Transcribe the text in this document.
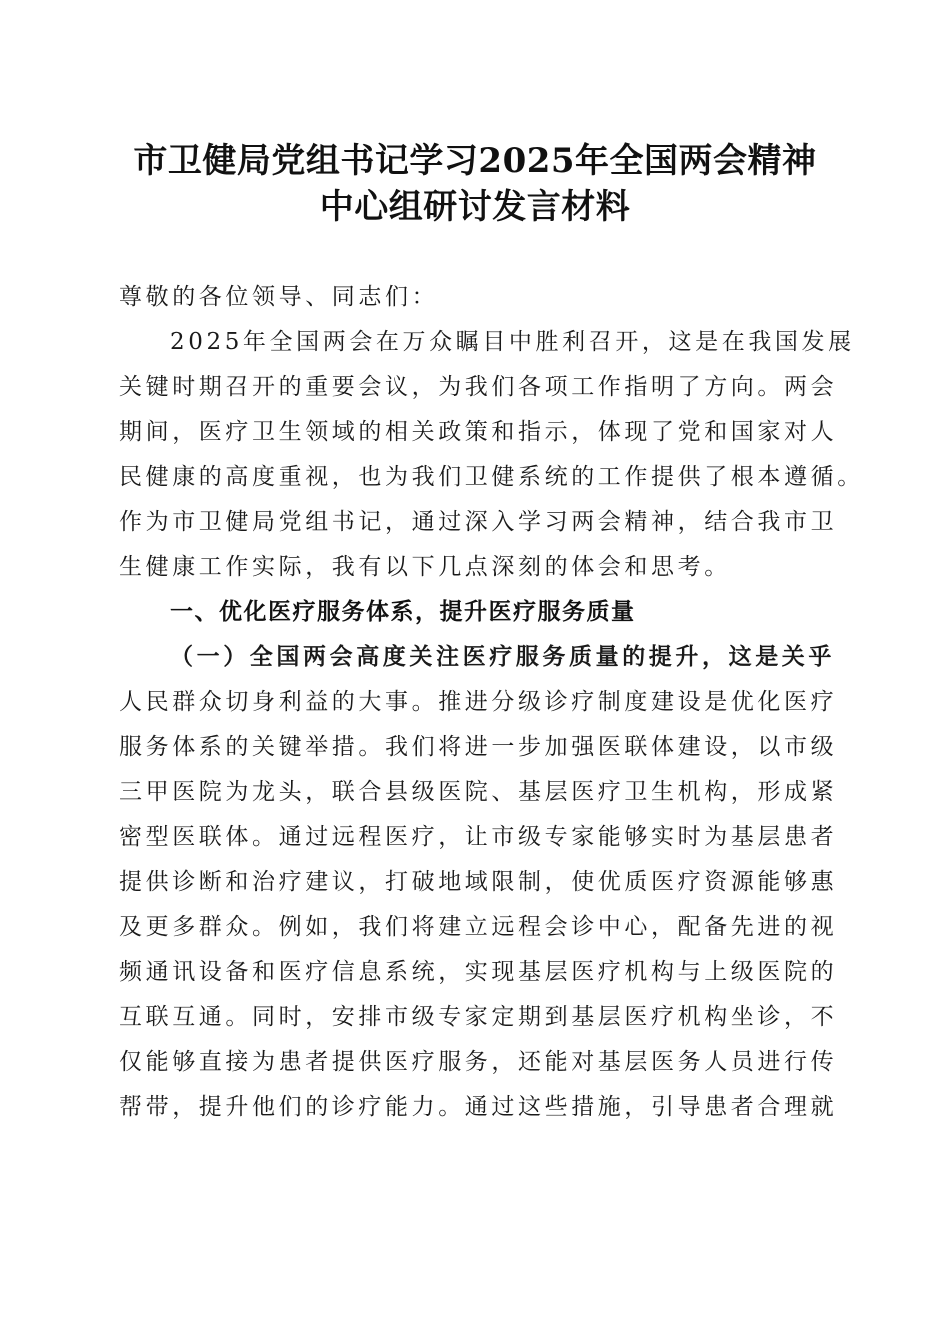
市卫健局党组书记学习2025年全国两会精神
中心组研讨发言材料
尊敬的各位领导、同志们：
2025年全国两会在万众瞩目中胜利召开，这是在我国发展
关键时期召开的重要会议，为我们各项工作指明了方向。两会
期间，医疗卫生领域的相关政策和指示，体现了党和国家对人
民健康的高度重视，也为我们卫健系统的工作提供了根本遵循。
作为市卫健局党组书记，通过深入学习两会精神，结合我市卫
生健康工作实际，我有以下几点深刻的体会和思考。
一、优化医疗服务体系，提升医疗服务质量
（一）全国两会高度关注医疗服务质量的提升，这是关乎
人民群众切身利益的大事。推进分级诊疗制度建设是优化医疗
服务体系的关键举措。我们将进一步加强医联体建设，以市级
三甲医院为龙头，联合县级医院、基层医疗卫生机构，形成紧
密型医联体。通过远程医疗，让市级专家能够实时为基层患者
提供诊断和治疗建议，打破地域限制，使优质医疗资源能够惠
及更多群众。例如，我们将建立远程会诊中心，配备先进的视
频通讯设备和医疗信息系统，实现基层医疗机构与上级医院的
互联互通。同时，安排市级专家定期到基层医疗机构坐诊，不
仅能够直接为患者提供医疗服务，还能对基层医务人员进行传
帮带，提升他们的诊疗能力。通过这些措施，引导患者合理就
